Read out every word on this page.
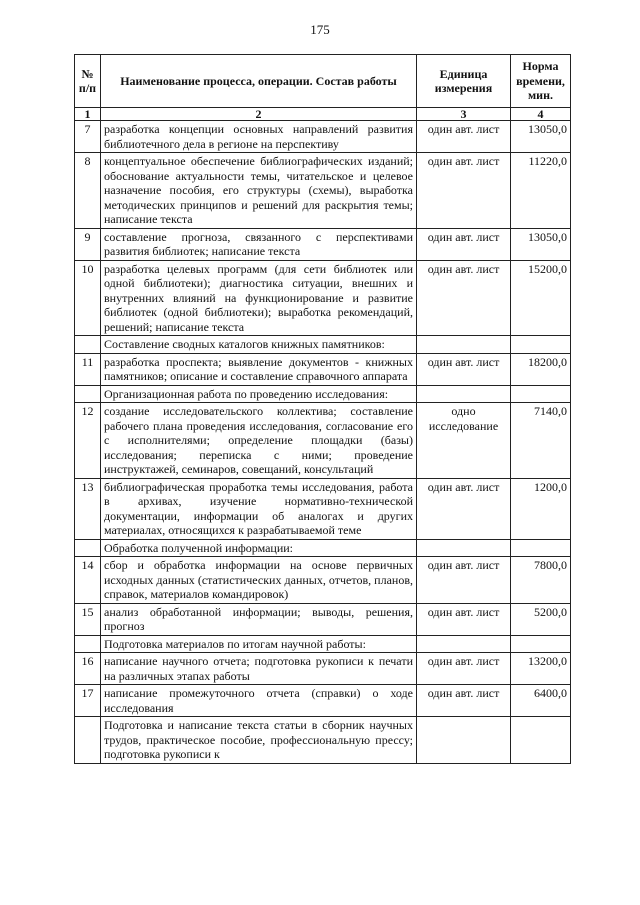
175
№ п/п	Наименование процесса, операции. Состав работы	Единица измерения	Норма времени, мин.
1	2	3	4
7	разработка концепции основных направлений развития библиотечного дела в регионе на перспективу	один авт. лист	13050,0
8	концептуальное обеспечение библиографических изданий; обоснование актуальности темы, читательское и целевое назначение пособия, его структуры (схемы), выработка методических принципов и решений для раскрытия темы; написание текста	один авт. лист	11220,0
9	составление прогноза, связанного с перспективами развития библиотек; написание текста	один авт. лист	13050,0
10	разработка целевых программ (для сети библиотек или одной библиотеки); диагностика ситуации, внешних и внутренних влияний на функционирование и развитие библиотек (одной библиотеки); выработка рекомендаций, решений; написание текста	один авт. лист	15200,0
	Составление сводных каталогов книжных памятников:		
11	разработка проспекта; выявление документов - книжных памятников; описание и составление справочного аппарата	один авт. лист	18200,0
	Организационная работа по проведению исследования:		
12	создание исследовательского коллектива; составление рабочего плана проведения исследования, согласование его с исполнителями; определение площадки (базы) исследования; переписка с ними; проведение инструктажей, семинаров, совещаний, консультаций	одно исследование	7140,0
13	библиографическая проработка темы исследования, работа в архивах, изучение нормативно-технической документации, информации об аналогах и других материалах, относящихся к разрабатываемой теме	один авт. лист	1200,0
	Обработка полученной информации:		
14	сбор и обработка информации на основе первичных исходных данных (статистических данных, отчетов, планов, справок, материалов командировок)	один авт. лист	7800,0
15	анализ обработанной информации; выводы, решения, прогноз	один авт. лист	5200,0
	Подготовка материалов по итогам научной работы:		
16	написание научного отчета; подготовка рукописи к печати на различных этапах работы	один авт. лист	13200,0
17	написание промежуточного отчета (справки) о ходе исследования	один авт. лист	6400,0
	Подготовка и написание текста статьи в сборник научных трудов, практическое пособие, профессиональную прессу; подготовка рукописи к		
